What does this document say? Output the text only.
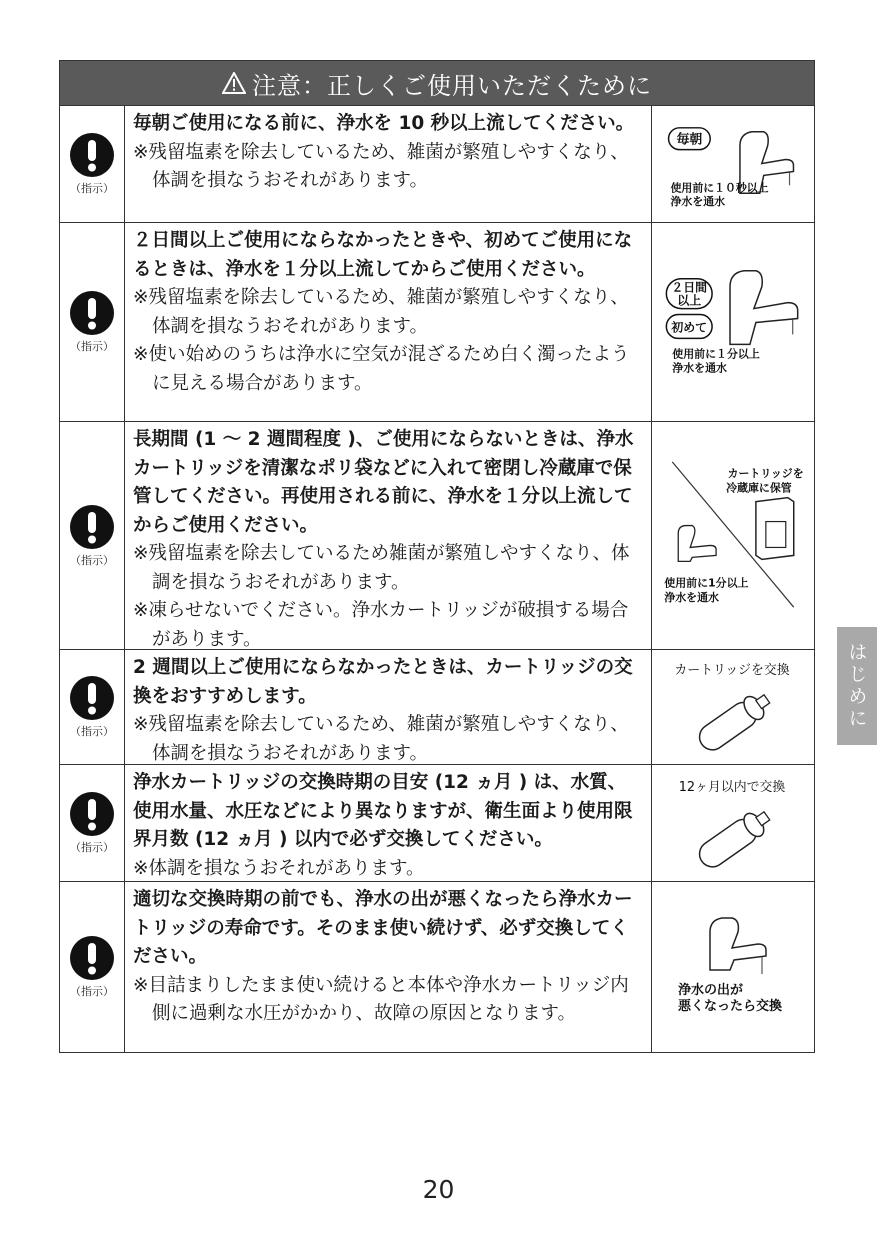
注意：正しくご使用いただくために
（指示）
毎朝ご使用になる前に、浄水を 10 秒以上流してください。
※残留塩素を除去しているため、雑菌が繁殖しやすくなり、体調を損なうおそれがあります。
毎朝
使用前に１０秒以上
浄水を通水
（指示）
２日間以上ご使用にならなかったときや、初めてご使用になるときは、浄水を１分以上流してからご使用ください。
※残留塩素を除去しているため、雑菌が繁殖しやすくなり、体調を損なうおそれがあります。
※使い始めのうちは浄水に空気が混ざるため白く濁ったように見える場合があります。
２日間
以上
初めて
使用前に１分以上
浄水を通水
（指示）
長期間 (1 〜 2 週間程度 )、ご使用にならないときは、浄水カートリッジを清潔なポリ袋などに入れて密閉し冷蔵庫で保管してください。再使用される前に、浄水を１分以上流してからご使用ください。
※残留塩素を除去しているため雑菌が繁殖しやすくなり、体調を損なうおそれがあります。
※凍らせないでください。浄水カートリッジが破損する場合があります。
カートリッジを
冷蔵庫に保管
使用前に1分以上
浄水を通水
（指示）
2 週間以上ご使用にならなかったときは、カートリッジの交換をおすすめします。
※残留塩素を除去しているため、雑菌が繁殖しやすくなり、体調を損なうおそれがあります。
カートリッジを交換
（指示）
浄水カートリッジの交換時期の目安 (12 ヵ月 ) は、水質、使用水量、水圧などにより異なりますが、衛生面より使用限界月数 (12 ヵ月 ) 以内で必ず交換してください。
※体調を損なうおそれがあります。
12ヶ月以内で交換
（指示）
適切な交換時期の前でも、浄水の出が悪くなったら浄水カートリッジの寿命です。そのまま使い続けず、必ず交換してください。
※目詰まりしたまま使い続けると本体や浄水カートリッジ内側に過剰な水圧がかかり、故障の原因となります。
浄水の出が
悪くなったら交換
はじめに
20
